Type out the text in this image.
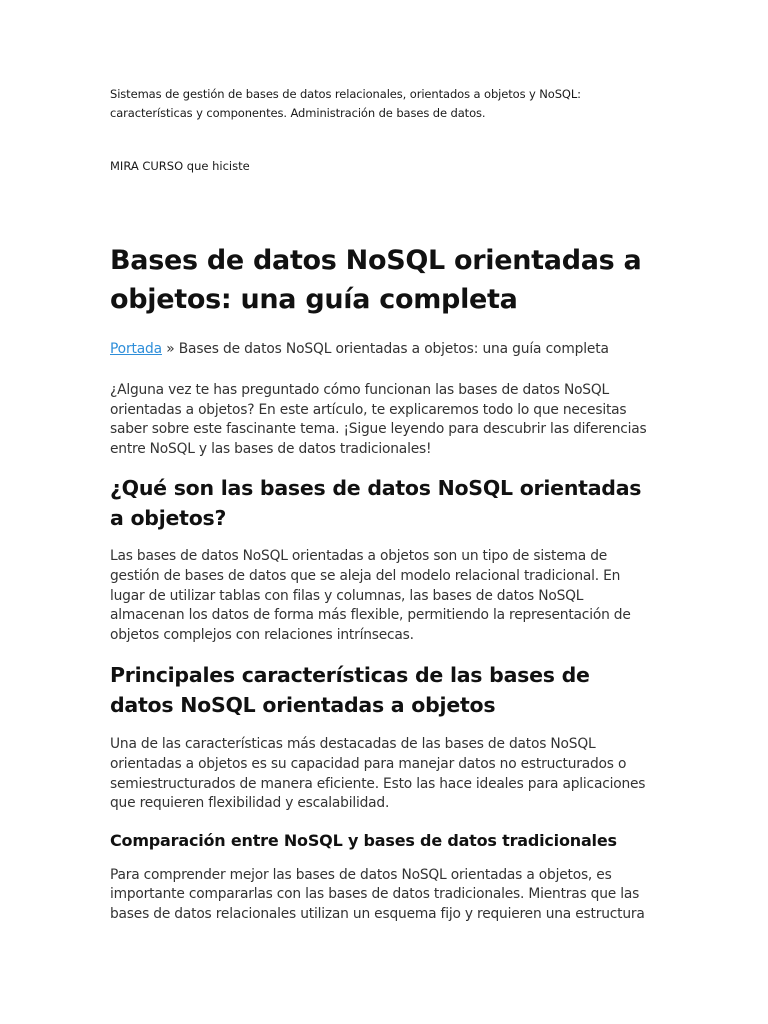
Sistemas de gestión de bases de datos relacionales, orientados a objetos y NoSQL: características y componentes. Administración de bases de datos.
MIRA CURSO que hiciste
Bases de datos NoSQL orientadas a objetos: una guía completa
Portada » Bases de datos NoSQL orientadas a objetos: una guía completa

¿Alguna vez te has preguntado cómo funcionan las bases de datos NoSQL orientadas a objetos? En este artículo, te explicaremos todo lo que necesitas saber sobre este fascinante tema. ¡Sigue leyendo para descubrir las diferencias entre NoSQL y las bases de datos tradicionales!

¿Qué son las bases de datos NoSQL orientadas a objetos?

Las bases de datos NoSQL orientadas a objetos son un tipo de sistema de gestión de bases de datos que se aleja del modelo relacional tradicional. En lugar de utilizar tablas con filas y columnas, las bases de datos NoSQL almacenan los datos de forma más flexible, permitiendo la representación de objetos complejos con relaciones intrínsecas.

Principales características de las bases de datos NoSQL orientadas a objetos

Una de las características más destacadas de las bases de datos NoSQL orientadas a objetos es su capacidad para manejar datos no estructurados o semiestructurados de manera eficiente. Esto las hace ideales para aplicaciones que requieren flexibilidad y escalabilidad.

Comparación entre NoSQL y bases de datos tradicionales

Para comprender mejor las bases de datos NoSQL orientadas a objetos, es importante compararlas con las bases de datos tradicionales. Mientras que las bases de datos relacionales utilizan un esquema fijo y requieren una estructura
